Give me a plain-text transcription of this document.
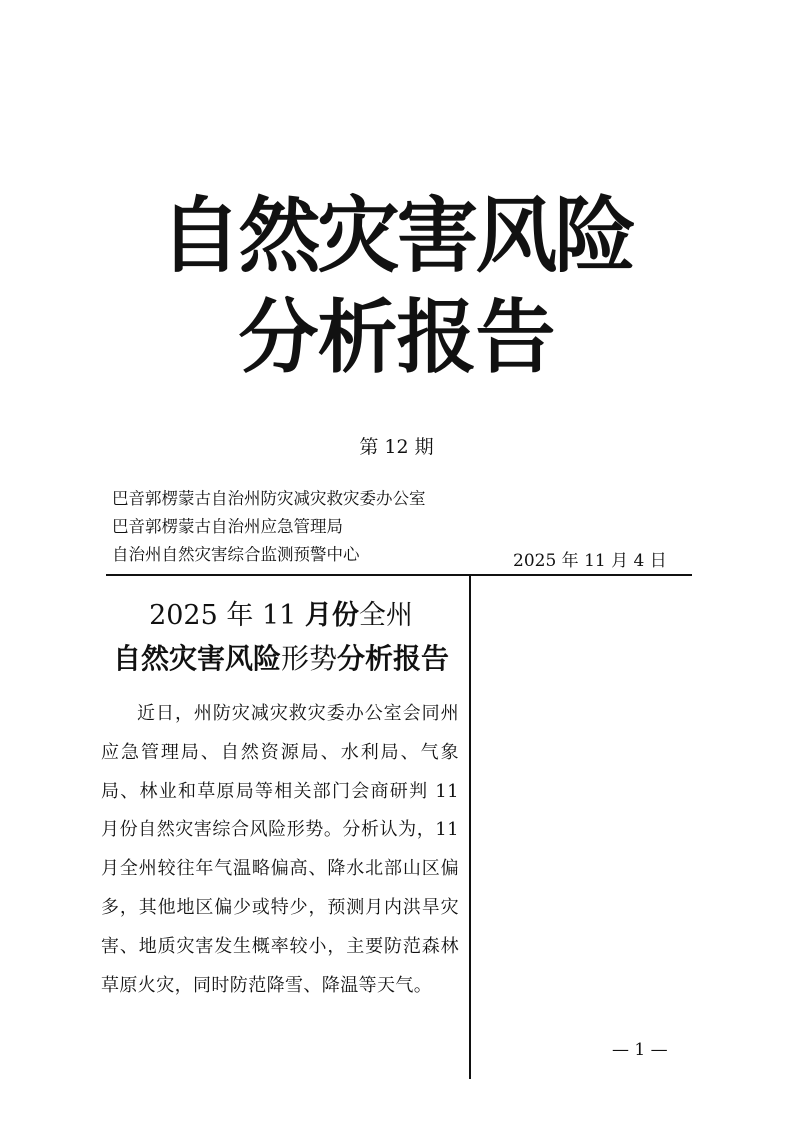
自然灾害风险
分析报告
第 12 期
巴音郭楞蒙古自治州防灾减灾救灾委办公室
巴音郭楞蒙古自治州应急管理局
自治州自然灾害综合监测预警中心	2025 年 11 月 4 日
2025 年 11 月份全州
自然灾害风险形势分析报告

近日，州防灾减灾救灾委办公室会同州应急管理局、自然资源局、水利局、气象局、林业和草原局等相关部门会商研判 11 月份自然灾害综合风险形势。分析认为，11 月全州较往年气温略偏高、降水北部山区偏多，其他地区偏少或特少，预测月内洪旱灾害、地质灾害发生概率较小，主要防范森林草原火灾，同时防范降雪、降温等天气。

— 1 —
